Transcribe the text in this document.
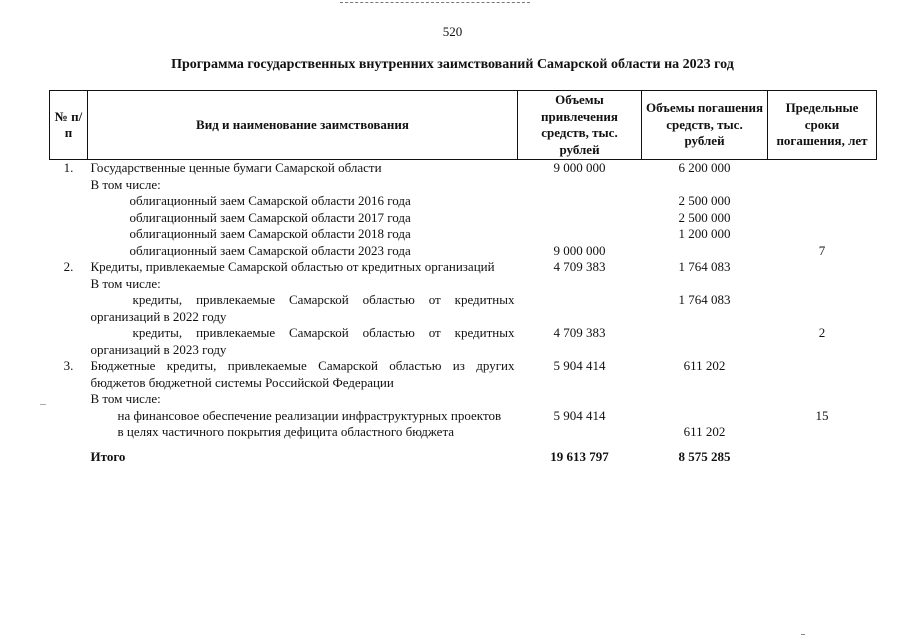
520
Программа государственных внутренних заимствований Самарской области на 2023 год
№ п/п	Вид и наименование заимствования	Объемы привлечения средств, тыс. рублей	Объемы погашения средств, тыс. рублей	Предельные сроки погашения, лет
1.	Государственные ценные бумаги Самарской области	9 000 000	6 200 000	
	В том числе:			
	облигационный заем Самарской области 2016 года		2 500 000	
	облигационный заем Самарской области 2017 года		2 500 000	
	облигационный заем Самарской области 2018 года		1 200 000	
	облигационный заем Самарской области 2023 года	9 000 000		7
2.	Кредиты, привлекаемые Самарской областью от кредитных организаций	4 709 383	1 764 083	
	В том числе:			
	кредиты, привлекаемые Самарской областью от кредитных организаций в 2022 году		1 764 083	
	кредиты, привлекаемые Самарской областью от кредитных организаций в 2023 году	4 709 383		2
3.	Бюджетные кредиты, привлекаемые Самарской областью из других бюджетов бюджетной системы Российской Федерации	5 904 414	611 202	
	В том числе:			
	на финансовое обеспечение реализации инфраструктурных проектов	5 904 414		15
	в целях частичного покрытия дефицита областного бюджета		611 202	
	Итого	19 613 797	8 575 285	
